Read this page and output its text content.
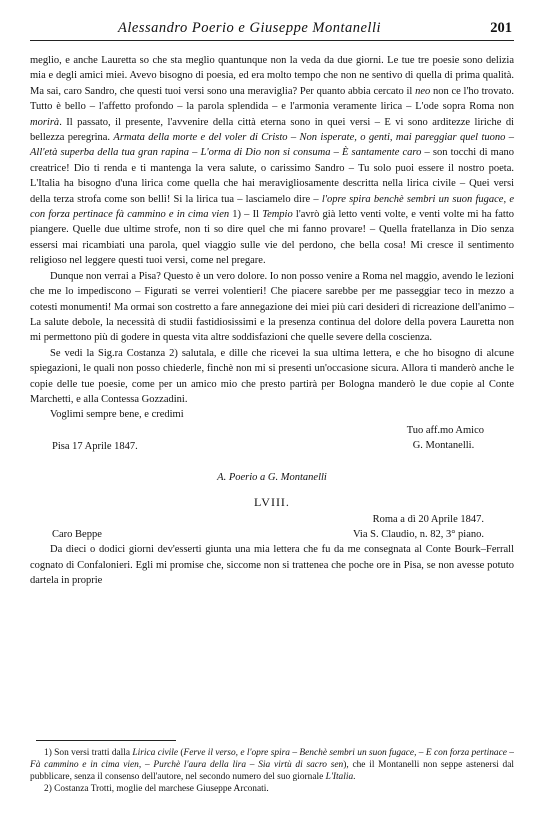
Alessandro Poerio e Giuseppe Montanelli	201

meglio, e anche Lauretta so che sta meglio quantunque non la veda da due giorni. Le tue tre poesie sono delizia mia e degli amici miei. Avevo bisogno di poesia, ed era molto tempo che non ne sentivo di quella di prima qualità. Ma sai, caro Sandro, che questi tuoi versi sono una meraviglia? Per quanto abbia cercato il neo non ce l'ho trovato. Tutto è bello – l'affetto profondo – la parola splendida – e l'armonia veramente lirica – L'ode sopra Roma non morirà. Il passato, il presente, l'avvenire della città eterna sono in quei versi – E vi sono arditezze liriche di bellezza peregrina. Armata della morte e del voler di Cristo – Non isperate, o genti, mai pareggiar quel tuono – All'età superba della tua gran rapina – L'orma di Dio non si consuma – È santamente caro – son tocchi di mano creatrice! Dio ti renda e ti mantenga la vera salute, o carissimo Sandro – Tu solo puoi essere il nostro poeta. L'Italia ha bisogno d'una lirica come quella che hai meravigliosamente descritta nella lirica civile – Quei versi della terza strofa come son belli! Si la lirica tua – lasciamelo dire – l'opre spira benchè sembri un suon fugace, e con forza pertinace fà cammino e in cima vien 1) – Il Tempio l'avrò già letto venti volte, e venti volte mi ha fatto piangere. Quelle due ultime strofe, non ti so dire quel che mi fanno provare! – Quella fratellanza in Dio senza essersi mai ricambiati una parola, quel viaggio sulle vie del perdono, che bella cosa! Mi cresce il sentimento religioso nel leggere questi tuoi versi, come nel pregare.

Dunque non verrai a Pisa? Questo è un vero dolore. Io non posso venire a Roma nel maggio, avendo le lezioni che me lo impediscono – Figurati se verrei volentieri! Che piacere sarebbe per me passeggiar teco in mezzo a cotesti monumenti! Ma ormai son costretto a fare annegazione dei miei più cari desideri di ricreazione dell'animo – La salute debole, la necessità di studii fastidiosissimi e la presenza continua del dolore della povera Lauretta non mi permettono più di godere in questa vita altre soddisfazioni che quelle severe della coscienza.

Se vedi la Sig.ra Costanza 2) salutala, e dille che ricevei la sua ultima lettera, e che ho bisogno di alcune spiegazioni, le quali non posso chiederle, finchè non mi si presenti un'occasione sicura. Allora ti manderò anche le copie delle tue poesie, come per un amico mio che presto partirà per Bologna manderò le due copie al Conte Marchetti, e alla Contessa Gozzadini.

Voglimi sempre bene, e credimi

Pisa 17 Aprile 1847.
Tuo aff.mo Amico
G. Montanelli.
A. Poerio a G. Montanelli
LVIII.
Caro Beppe
Roma a dì 20 Aprile 1847.
Via S. Claudio, n. 82, 3° piano.

Da dieci o dodici giorni dev'esserti giunta una mia lettera che fu da me consegnata al Conte Bourk–Ferrall cognato di Confalonieri. Egli mi promise che, siccome non si trattenea che poche ore in Pisa, se non avesse potuto dartela in proprie

1) Son versi tratti dalla Lirica civile (Ferve il verso, e l'opre spira – Benchè sembri un suon fugace, – E con forza pertinace – Fà cammino e in cima vien, – Purchè l'aura della lira – Sia virtù di sacro sen), che il Montanelli non seppe astenersi dal pubblicare, senza il consenso dell'autore, nel secondo numero del suo giornale L'Italia.

2) Costanza Trotti, moglie del marchese Giuseppe Arconati.
